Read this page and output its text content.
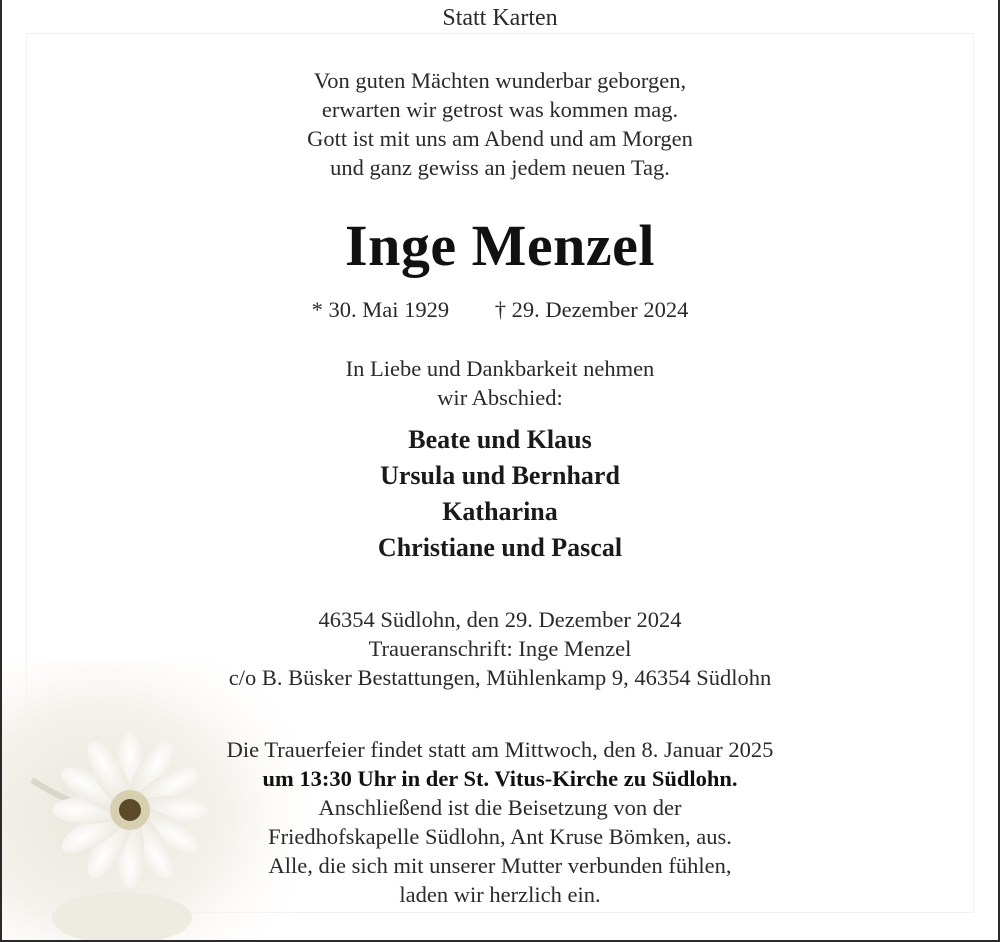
Statt Karten
Von guten Mächten wunderbar geborgen,
erwarten wir getrost was kommen mag.
Gott ist mit uns am Abend und am Morgen
und ganz gewiss an jedem neuen Tag.
Inge Menzel
* 30. Mai 1929 † 29. Dezember 2024
In Liebe und Dankbarkeit nehmen
wir Abschied:
Beate und Klaus
Ursula und Bernhard
Katharina
Christiane und Pascal
46354 Südlohn, den 29. Dezember 2024
Traueranschrift: Inge Menzel
c/o B. Büsker Bestattungen, Mühlenkamp 9, 46354 Südlohn
Die Trauerfeier findet statt am Mittwoch, den 8. Januar 2025
um 13:30 Uhr in der St. Vitus-Kirche zu Südlohn.
Anschließend ist die Beisetzung von der
Friedhofskapelle Südlohn, Ant Kruse Bömken, aus.
Alle, die sich mit unserer Mutter verbunden fühlen,
laden wir herzlich ein.
